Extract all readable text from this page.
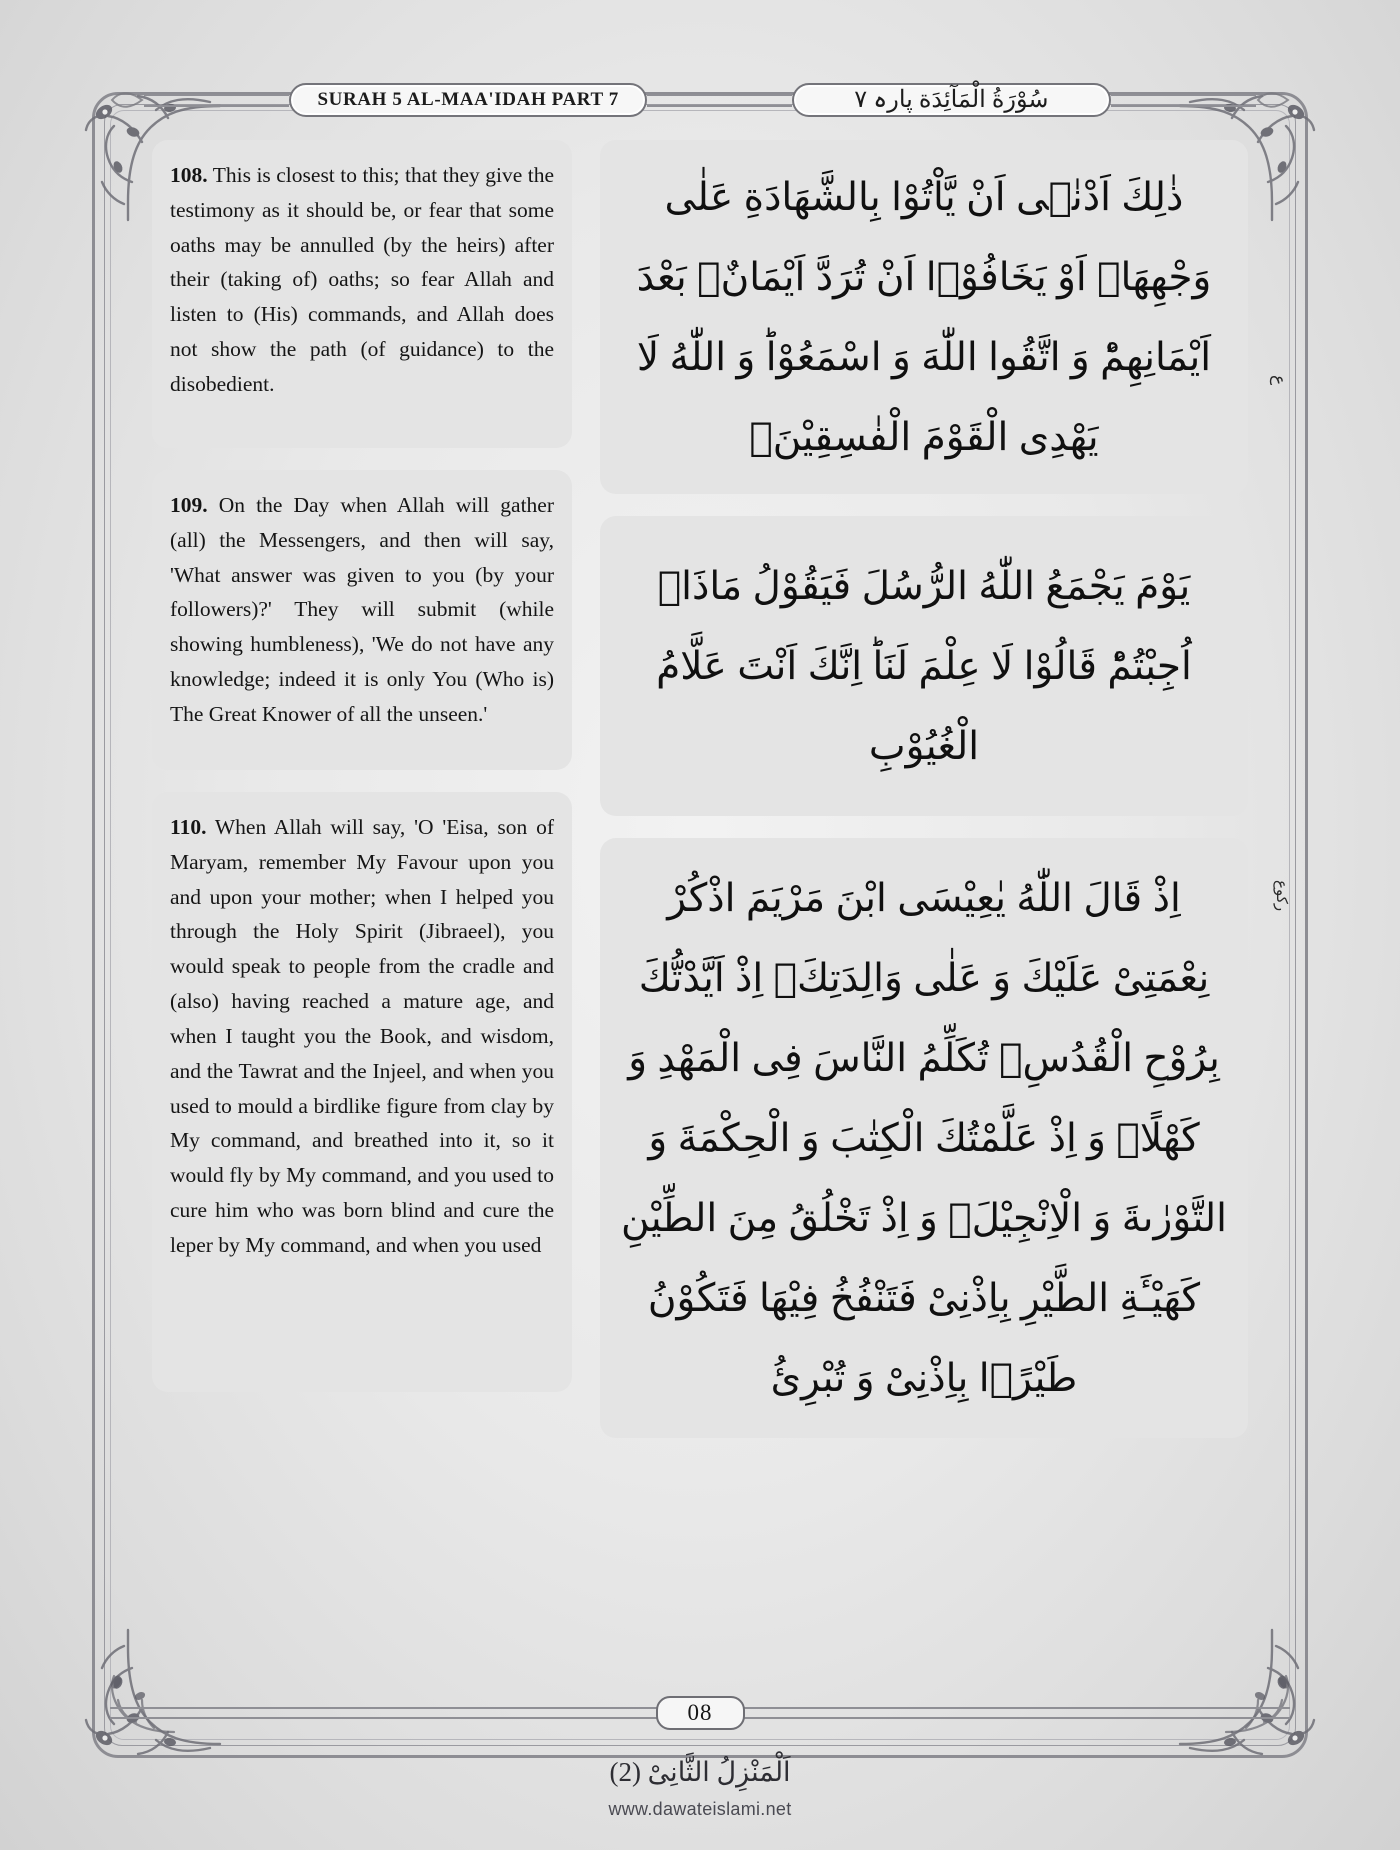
SURAH 5 AL-MAA'IDAH PART 7	سُوْرَةُ الْمَآئِدَة پارہ ۷

108. This is closest to this; that they give the testimony as it should be, or fear that some oaths may be annulled (by the heirs) after their (taking of) oaths; so fear Allah and listen to (His) commands, and Allah does not show the path (of guidance) to the disobedient.

109. On the Day when Allah will gather (all) the Messengers, and then will say, 'What answer was given to you (by your followers)?' They will submit (while showing humbleness), 'We do not have any knowledge; indeed it is only You (Who is) The Great Knower of all the unseen.'

110. When Allah will say, 'O 'Eisa, son of Maryam, remember My Favour upon you and upon your mother; when I helped you through the Holy Spirit (Jibraeel), you would speak to people from the cradle and (also) having reached a mature age, and when I taught you the Book, and wisdom, and the Tawrat and the Injeel, and when you used to mould a birdlike figure from clay by My command, and breathed into it, so it would fly by My command, and you used to cure him who was born blind and cure the leper by My command, and when you used

ذٰلِكَ اَدْنٰۤى اَنْ یَّاْتُوْا بِالشَّهَادَةِ عَلٰى وَجْهِهَاۤ اَوْ یَخَافُوْۤا اَنْ تُرَدَّ اَیْمَانٌۢ بَعْدَ اَیْمَانِهِمْؕ وَ اتَّقُوا اللّٰهَ وَ اسْمَعُوْاؕ وَ اللّٰهُ لَا یَهْدِی الْقَوْمَ الْفٰسِقِیْنَ۠

یَوْمَ یَجْمَعُ اللّٰهُ الرُّسُلَ فَیَقُوْلُ مَاذَاۤ اُجِبْتُمْؕ قَالُوْا لَا عِلْمَ لَنَاؕ اِنَّكَ اَنْتَ عَلَّامُ الْغُیُوْبِ

اِذْ قَالَ اللّٰهُ یٰعِیْسَى ابْنَ مَرْیَمَ اذْكُرْ نِعْمَتِیْ عَلَیْكَ وَ عَلٰى وَالِدَتِكَۘ اِذْ اَیَّدْتُّكَ بِرُوْحِ الْقُدُسِ۫ تُكَلِّمُ النَّاسَ فِی الْمَهْدِ وَ كَهْلًاۚ وَ اِذْ عَلَّمْتُكَ الْكِتٰبَ وَ الْحِكْمَةَ وَ التَّوْرٰىةَ وَ الْاِنْجِیْلَۚ وَ اِذْ تَخْلُقُ مِنَ الطِّیْنِ كَهَیْـَٔةِ الطَّیْرِ بِاِذْنِیْ فَتَنْفُخُ فِیْهَا فَتَكُوْنُ طَیْرًۢا بِاِذْنِیْ وَ تُبْرِئُ

ع
رکوع
08
اَلْمَنْزِلُ الثَّانِیْ (2)
www.dawateislami.net
